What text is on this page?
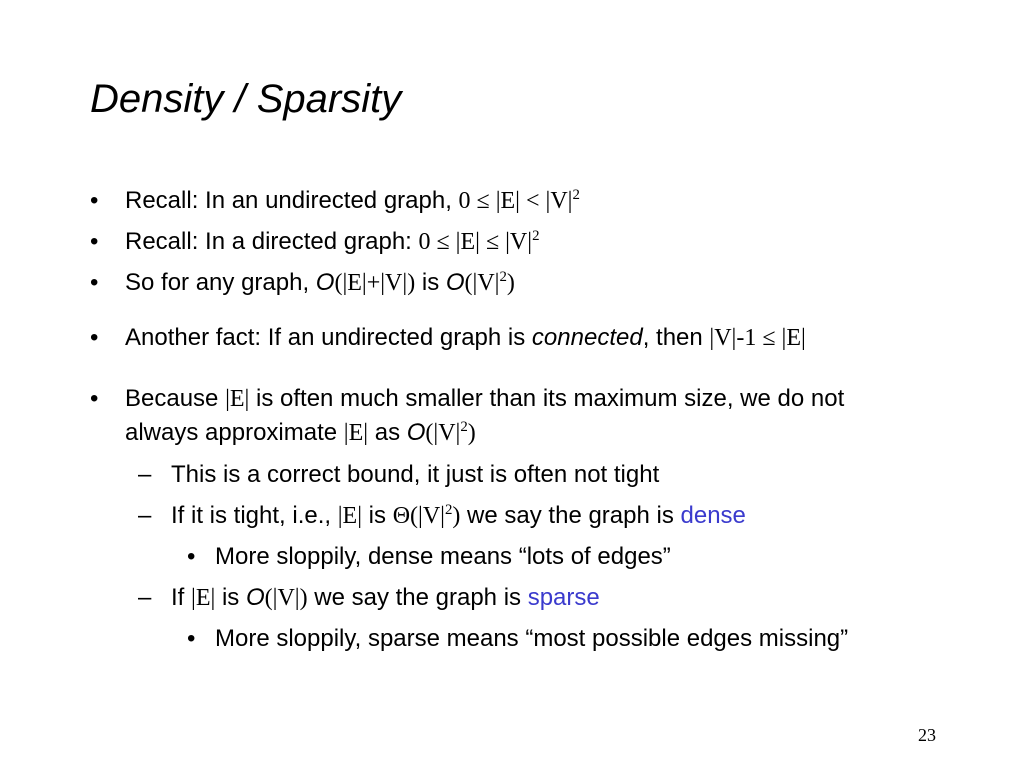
Density / Sparsity
• Recall: In an undirected graph, $0 \le |E| < |V|^2$
• Recall: In a directed graph: $0 \le |E| \le |V|^2$
• So for any graph, O(|E|+|V|) is $O(|V|^2)$
• Another fact: If an undirected graph is connected, then |V|-1 ≤ |E|
• Because |E| is often much smaller than its maximum size, we do not
always approximate |E| as $O(|V|^2)$
– This is a correct bound, it just is often not tight
– If it is tight, i.e., |E| is $\Theta(|V|^2)$ we say the graph is dense
• More sloppily, dense means “lots of edges”
– If |E| is O(|V|) we say the graph is sparse
• More sloppily, sparse means “most possible edges missing”
23
